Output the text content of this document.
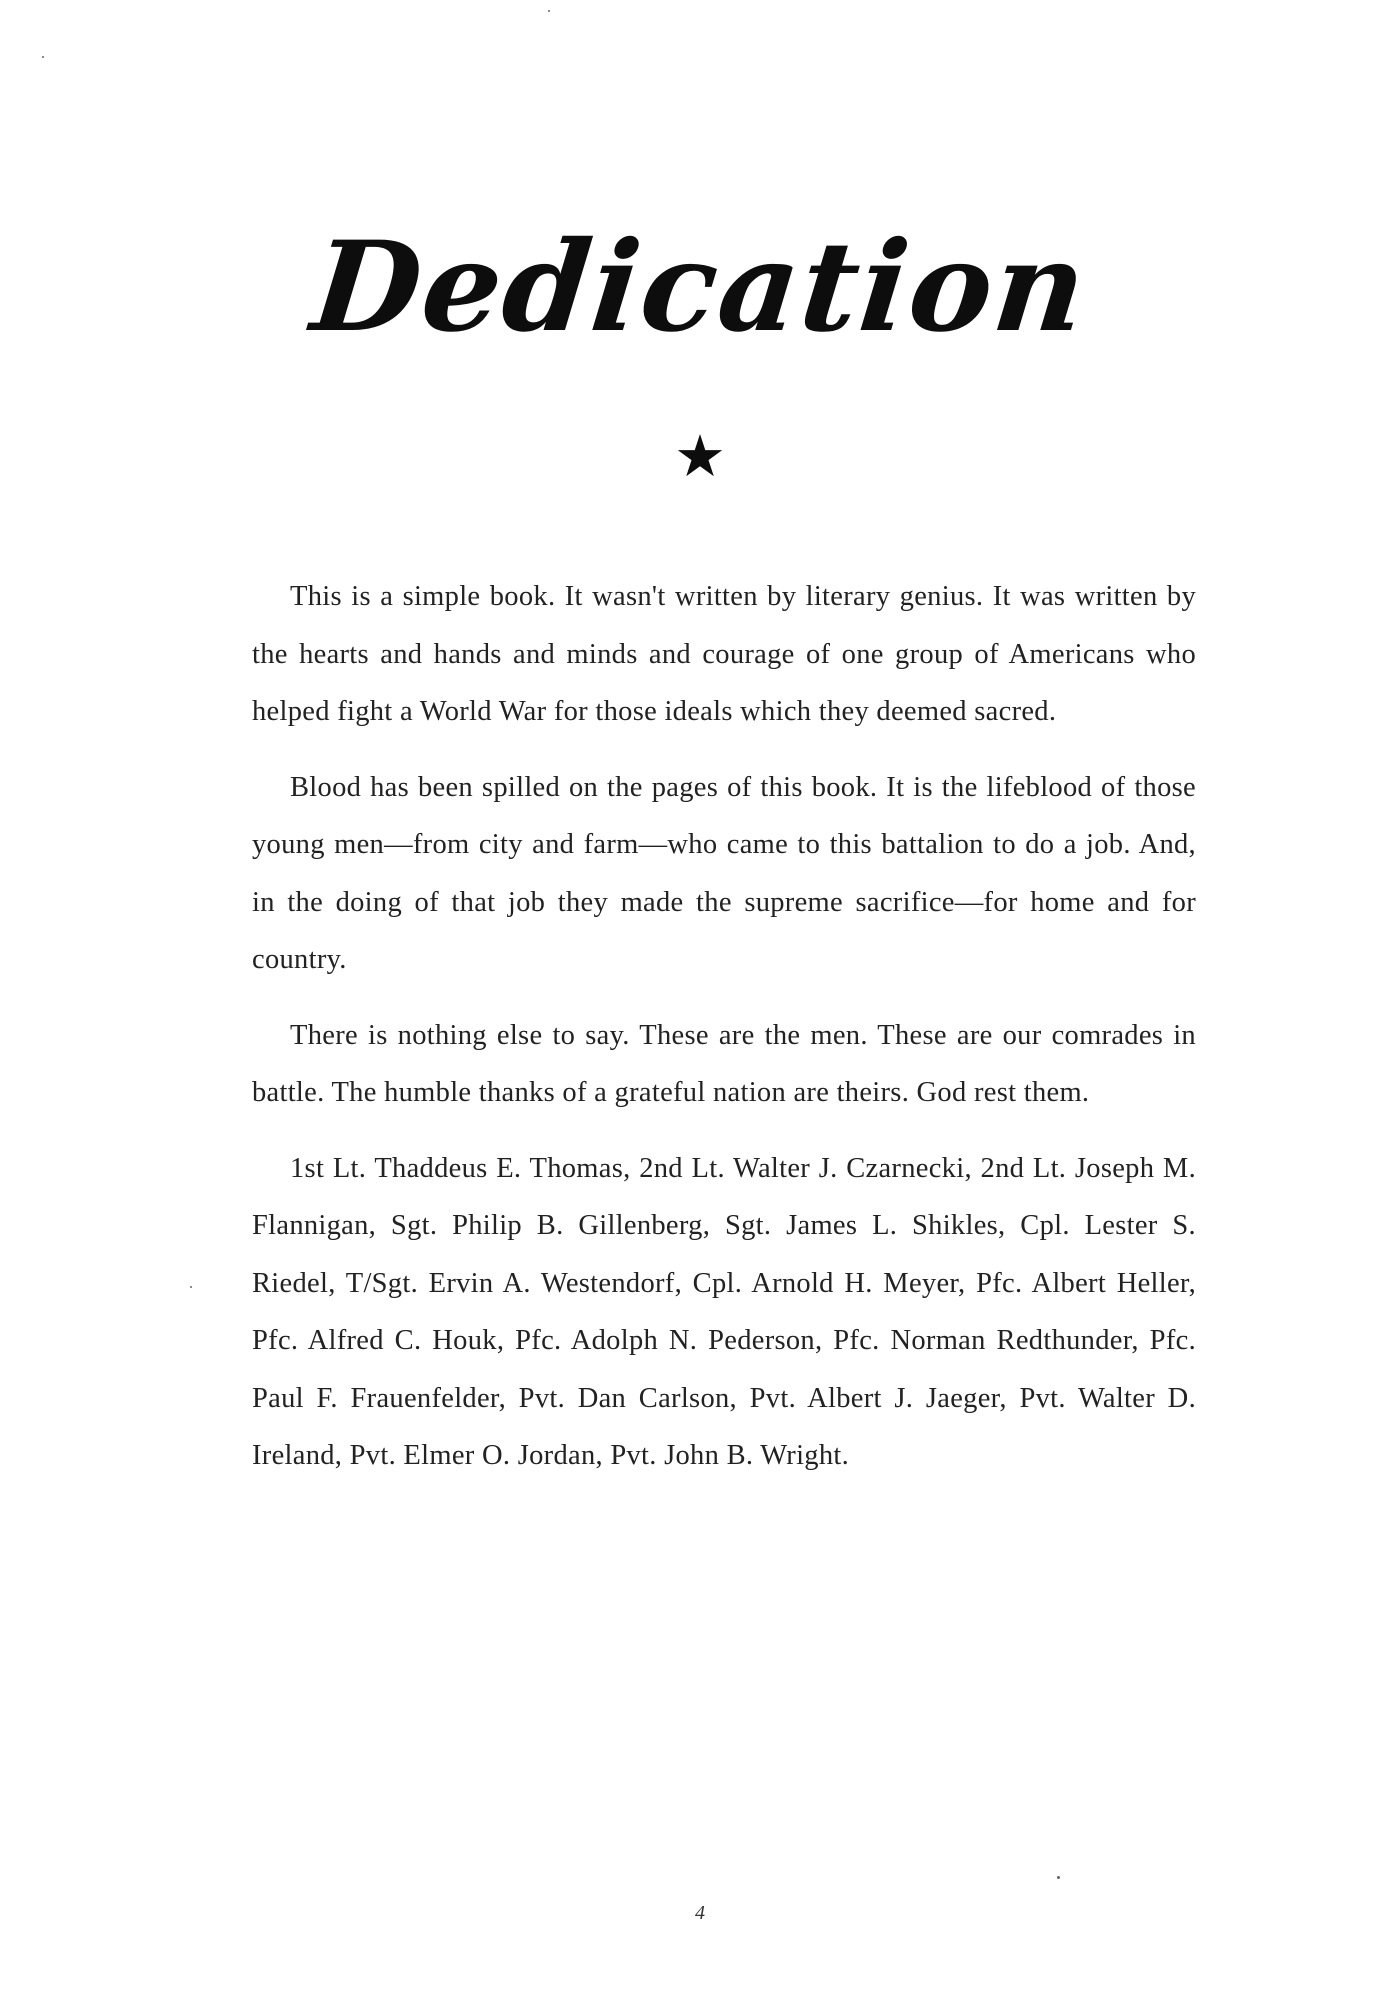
Dedication
★

This is a simple book. It wasn't written by literary genius. It was written by the hearts and hands and minds and courage of one group of Americans who helped fight a World War for those ideals which they deemed sacred.

Blood has been spilled on the pages of this book. It is the lifeblood of those young men—from city and farm—who came to this battalion to do a job. And, in the doing of that job they made the supreme sacrifice—for home and for country.

There is nothing else to say. These are the men. These are our comrades in battle. The humble thanks of a grateful nation are theirs. God rest them.

1st Lt. Thaddeus E. Thomas, 2nd Lt. Walter J. Czarnecki, 2nd Lt. Joseph M. Flannigan, Sgt. Philip B. Gillenberg, Sgt. James L. Shikles, Cpl. Lester S. Riedel, T/Sgt. Ervin A. Westendorf, Cpl. Arnold H. Meyer, Pfc. Albert Heller, Pfc. Alfred C. Houk, Pfc. Adolph N. Pederson, Pfc. Norman Redthunder, Pfc. Paul F. Frauenfelder, Pvt. Dan Carlson, Pvt. Albert J. Jaeger, Pvt. Walter D. Ireland, Pvt. Elmer O. Jordan, Pvt. John B. Wright.

4
